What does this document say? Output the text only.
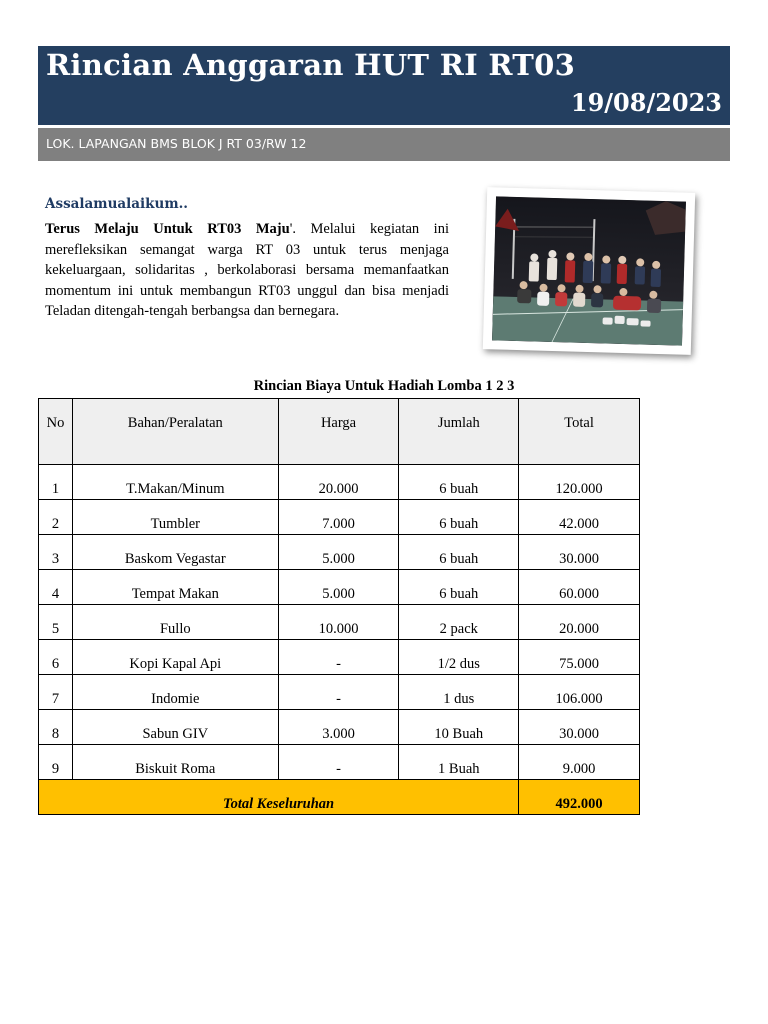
Rincian Anggaran HUT RI RT03
19/08/2023
LOK. LAPANGAN BMS BLOK J RT 03/RW 12
Assalamualaikum..
Terus Melaju Untuk RT03 Maju'. Melalui kegiatan ini merefleksikan semangat warga RT 03 untuk terus menjaga kekeluargaan, solidaritas , berkolaborasi bersama memanfaatkan momentum ini untuk membangun RT03 unggul dan bisa menjadi Teladan ditengah-tengah berbangsa dan bernegara.
Rincian Biaya Untuk Hadiah Lomba 1 2 3
No	Bahan/Peralatan	Harga	Jumlah	Total
1	T.Makan/Minum	20.000	6 buah	120.000
2	Tumbler	7.000	6 buah	42.000
3	Baskom Vegastar	5.000	6 buah	30.000
4	Tempat Makan	5.000	6 buah	60.000
5	Fullo	10.000	2 pack	20.000
6	Kopi Kapal Api	-	1/2 dus	75.000
7	Indomie	-	1 dus	106.000
8	Sabun GIV	3.000	10 Buah	30.000
9	Biskuit Roma	-	1 Buah	9.000
Total Keseluruhan				492.000
